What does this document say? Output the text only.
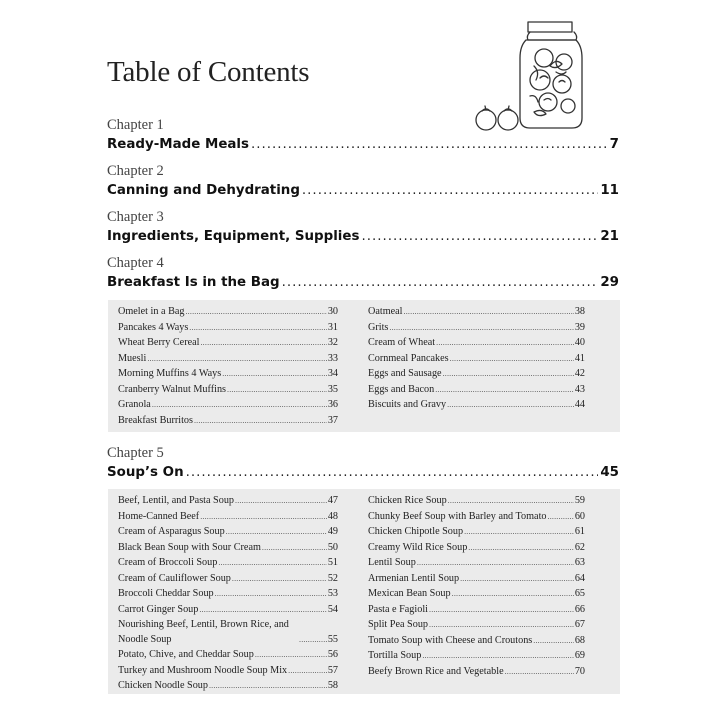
Table of Contents
Chapter 1
Ready-Made Meals .....	7
Chapter 2
Canning and Dehydrating .....	11
Chapter 3
Ingredients, Equipment, Supplies .....	21
Chapter 4
Breakfast Is in the Bag .....	29
Omelet in a Bag .....	30
Pancakes 4 Ways .....	31
Wheat Berry Cereal .....	32
Muesli .....	33
Morning Muffins 4 Ways .....	34
Cranberry Walnut Muffins .....	35
Granola .....	36
Breakfast Burritos .....	37
Oatmeal .....	38
Grits .....	39
Cream of Wheat .....	40
Cornmeal Pancakes .....	41
Eggs and Sausage .....	42
Eggs and Bacon .....	43
Biscuits and Gravy .....	44
Chapter 5
Soup’s On .....	45
Beef, Lentil, and Pasta Soup .....	47
Home-Canned Beef .....	48
Cream of Asparagus Soup .....	49
Black Bean Soup with Sour Cream .....	50
Cream of Broccoli Soup .....	51
Cream of Cauliflower Soup .....	52
Broccoli Cheddar Soup .....	53
Carrot Ginger Soup .....	54
Nourishing Beef, Lentil, Brown Rice, and Noodle Soup .....	55
Potato, Chive, and Cheddar Soup .....	56
Turkey and Mushroom Noodle Soup Mix .....	57
Chicken Noodle Soup .....	58
Chicken Rice Soup .....	59
Chunky Beef Soup with Barley and Tomato .....	60
Chicken Chipotle Soup .....	61
Creamy Wild Rice Soup .....	62
Lentil Soup .....	63
Armenian Lentil Soup .....	64
Mexican Bean Soup .....	65
Pasta e Fagioli .....	66
Split Pea Soup .....	67
Tomato Soup with Cheese and Croutons .....	68
Tortilla Soup .....	69
Beefy Brown Rice and Vegetable .....	70
